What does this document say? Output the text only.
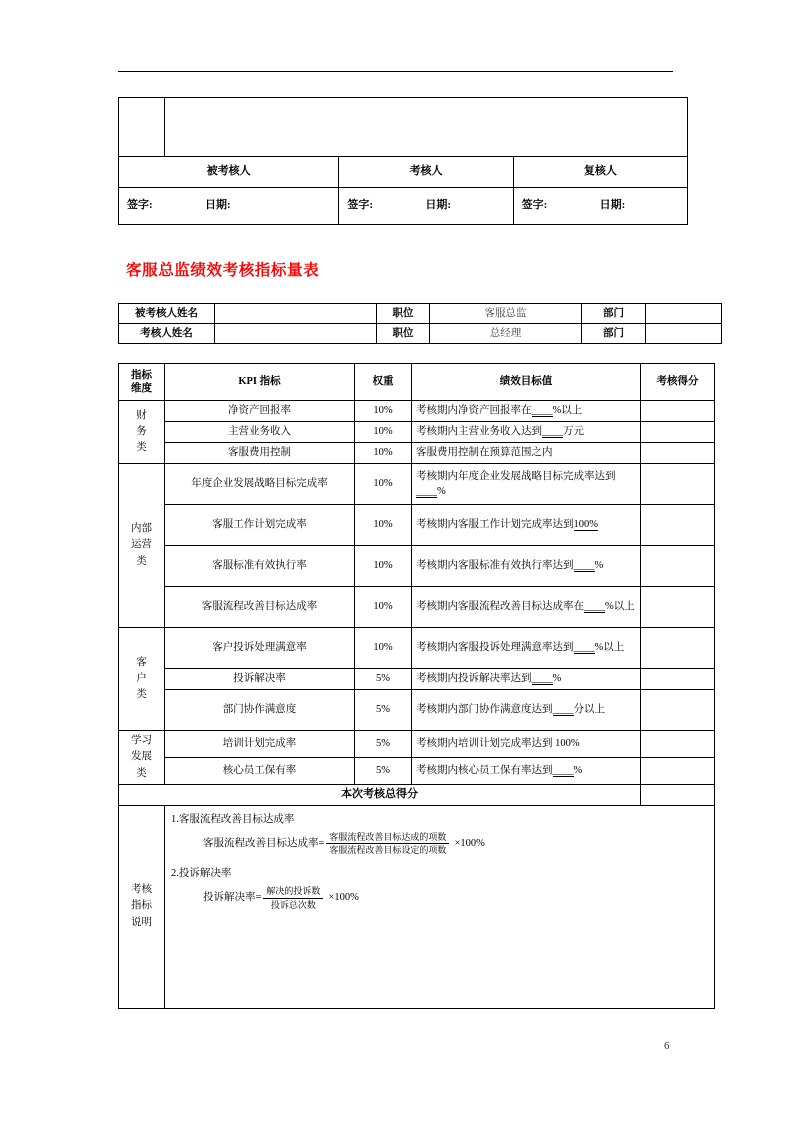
被考核人		考核人	复核人

签字: 日期:		签字: 日期:	签字: 日期:
客服总监绩效考核指标量表
被考核人姓名		职位	客服总监	部门	
考核人姓名		职位	总经理	部门	
指标
维度	KPI 指标	权重	绩效目标值	考核得分

财
务
类	净资产回报率	10%	考核期内净资产回报率在____%以上	
	主营业务收入	10%	考核期内主营业务收入达到____万元	
	客服费用控制	10%	客服费用控制在预算范围之内	

内部
运营
类	年度企业发展战略目标完成率	10%	考核期内年度企业发展战略目标完成率达到____%	
	客服工作计划完成率	10%	考核期内客服工作计划完成率达到100%	
	客服标准有效执行率	10%	考核期内客服标准有效执行率达到____%	
	客服流程改善目标达成率	10%	考核期内客服流程改善目标达成率在____%以上	

客
户
类	客户投诉处理满意率	10%	考核期内客服投诉处理满意率达到____%以上	
	投诉解决率	5%	考核期内投诉解决率达到____%	
	部门协作满意度	5%	考核期内部门协作满意度达到____分以上	

学习
发展
类	培训计划完成率	5%	考核期内培训计划完成率达到 100%	
	核心员工保有率	5%	考核期内核心员工保有率达到____%	
本次考核总得分				

考核
指标
说明

1.客服流程改善目标达成率
客服流程改善目标达成率= $\frac{\text{客服流程改善目标达成的项数}}{\text{客服流程改善目标设定的项数}} \times 100\%$
2.投诉解决率
投诉解决率= $\frac{\text{解决的投诉数}}{\text{投诉总次数}} \times 100\%$
6
